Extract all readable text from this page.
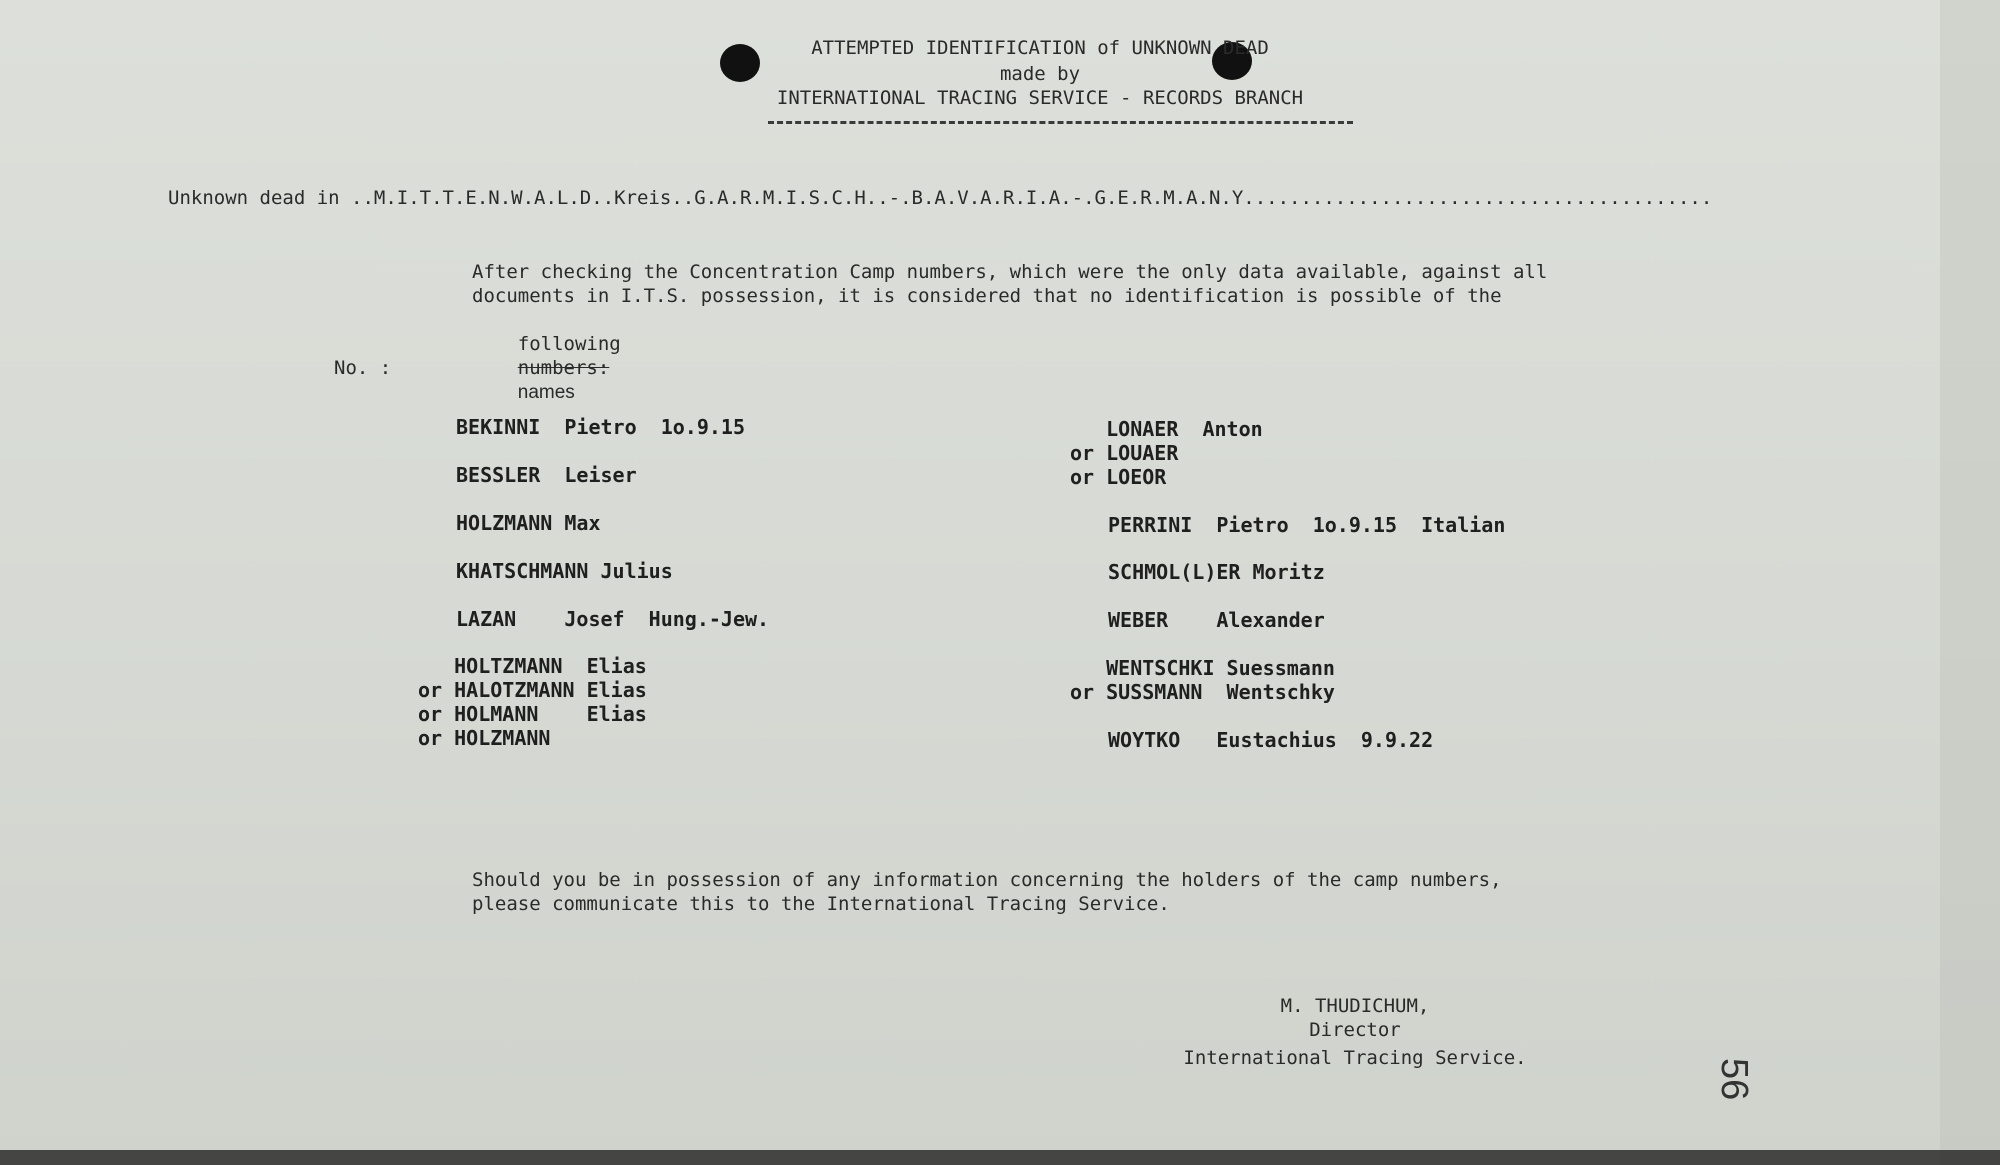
ATTEMPTED IDENTIFICATION of UNKNOWN DEAD
made by
INTERNATIONAL TRACING SERVICE - RECORDS BRANCH
Unknown dead in ..M.I.T.T.E.N.W.A.L.D..Kreis..G.A.R.M.I.S.C.H..-.B.A.V.A.R.I.A.-.G.E.R.M.A.N.Y.........................................
After checking the Concentration Camp numbers, which were the only data available, against all
documents in I.T.S. possession, it is considered that no identification is possible of the

following
numbers:
names

No. :
BEKINNI  Pietro  1o.9.15
BESSLER  Leiser
HOLZMANN Max
KHATSCHMANN Julius
LAZAN    Josef  Hung.-Jew.
HOLTZMANN  Elias
or HALOTZMANN Elias
or HOLMANN    Elias
or HOLZMANN
LONAER  Anton
or LOUAER
or LOEOR
PERRINI  Pietro  1o.9.15  Italian
SCHMOL(L)ER Moritz
WEBER    Alexander
WENTSCHKI Suessmann
or SUSSMANN  Wentschky
WOYTKO   Eustachius  9.9.22
Should you be in possession of any information concerning the holders of the camp numbers,
please communicate this to the International Tracing Service.
M. THUDICHUM,
Director
International Tracing Service.	56
